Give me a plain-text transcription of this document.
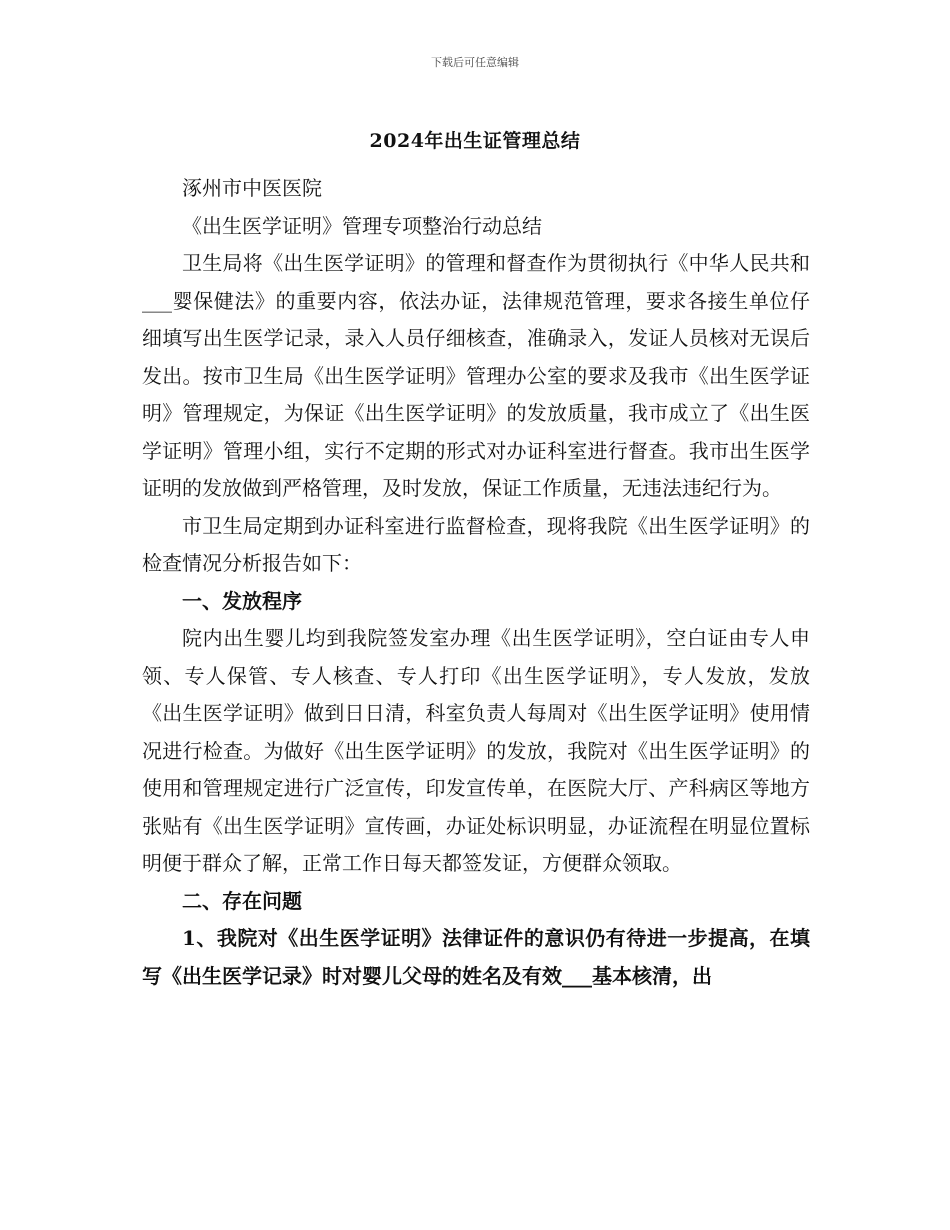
下载后可任意编辑
2024年出生证管理总结

涿州市中医医院

《出生医学证明》管理专项整治行动总结

卫生局将《出生医学证明》的管理和督查作为贯彻执行《中华人民共和___婴保健法》的重要内容，依法办证，法律规范管理，要求各接生单位仔细填写出生医学记录，录入人员仔细核查，准确录入，发证人员核对无误后发出。按市卫生局《出生医学证明》管理办公室的要求及我市《出生医学证明》管理规定，为保证《出生医学证明》的发放质量，我市成立了《出生医学证明》管理小组，实行不定期的形式对办证科室进行督查。我市出生医学证明的发放做到严格管理，及时发放，保证工作质量，无违法违纪行为。

市卫生局定期到办证科室进行监督检查，现将我院《出生医学证明》的检查情况分析报告如下：

一、发放程序

院内出生婴儿均到我院签发室办理《出生医学证明》，空白证由专人申领、专人保管、专人核查、专人打印《出生医学证明》，专人发放，发放《出生医学证明》做到日日清，科室负责人每周对《出生医学证明》使用情况进行检查。为做好《出生医学证明》的发放，我院对《出生医学证明》的使用和管理规定进行广泛宣传，印发宣传单，在医院大厅、产科病区等地方张贴有《出生医学证明》宣传画，办证处标识明显，办证流程在明显位置标明便于群众了解，正常工作日每天都签发证，方便群众领取。

二、存在问题

1、我院对《出生医学证明》法律证件的意识仍有待进一步提高，在填写《出生医学记录》时对婴儿父母的姓名及有效___基本核清，出
